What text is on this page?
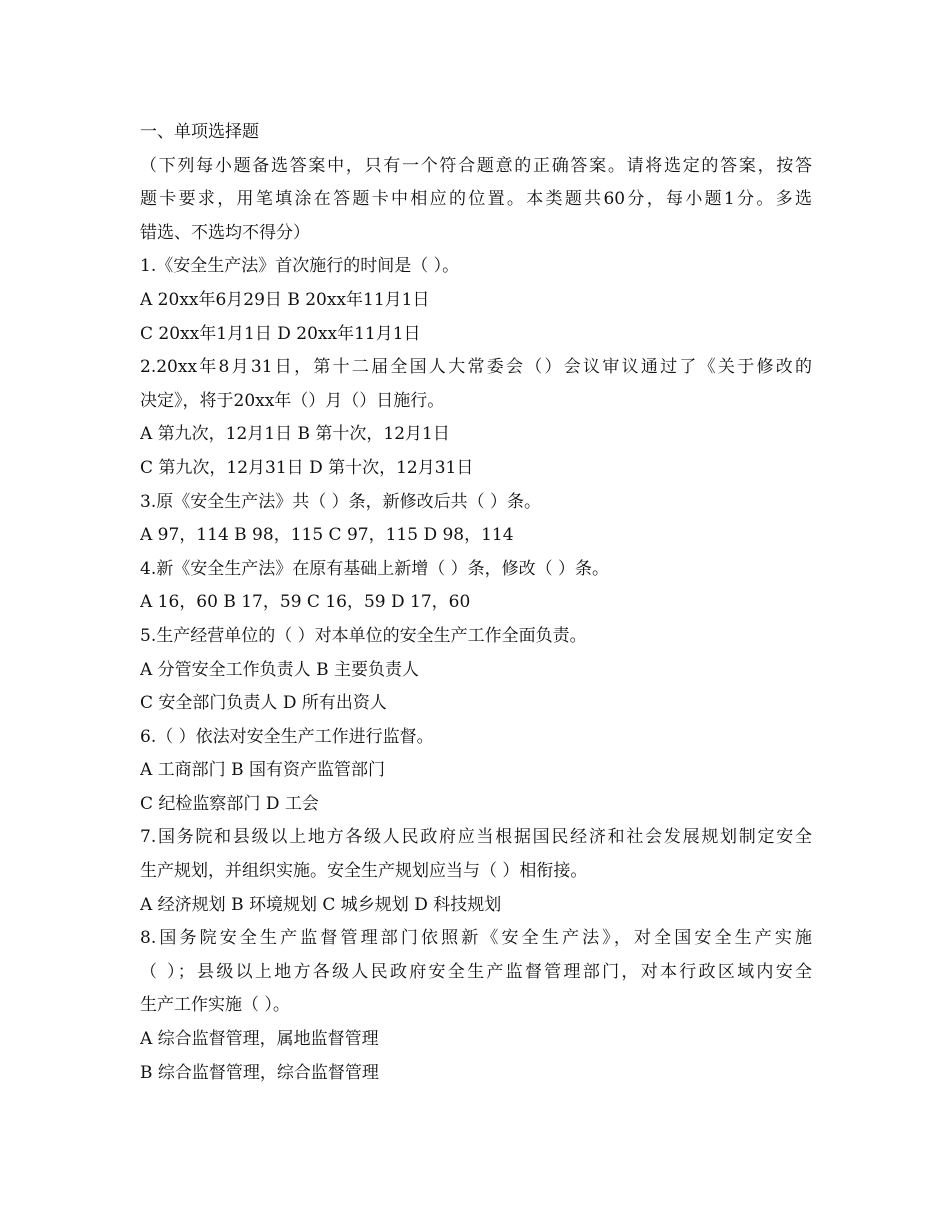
一、单项选择题
（下列每小题备选答案中，只有一个符合题意的正确答案。请将选定的答案，按答
题卡要求，用笔填涂在答题卡中相应的位置。本类题共60分，每小题1分。多选
错选、不选均不得分）
1.《安全生产法》首次施行的时间是（ ）。
A 20xx年6月29日 B 20xx年11月1日
C 20xx年1月1日 D 20xx年11月1日
2.20xx年8月31日，第十二届全国人大常委会（）会议审议通过了《关于修改的
决定》，将于20xx年（）月（）日施行。
A 第九次，12月1日 B 第十次，12月1日
C 第九次，12月31日 D 第十次，12月31日
3.原《安全生产法》共（ ）条，新修改后共（ ）条。
A 97，114 B 98，115 C 97，115 D 98，114
4.新《安全生产法》在原有基础上新增（ ）条，修改（ ）条。
A 16，60 B 17，59 C 16，59 D 17，60
5.生产经营单位的（ ）对本单位的安全生产工作全面负责。
A 分管安全工作负责人 B 主要负责人
C 安全部门负责人 D 所有出资人
6.（ ）依法对安全生产工作进行监督。
A 工商部门 B 国有资产监管部门
C 纪检监察部门 D 工会
7.国务院和县级以上地方各级人民政府应当根据国民经济和社会发展规划制定安全
生产规划，并组织实施。安全生产规划应当与（ ）相衔接。
A 经济规划 B 环境规划 C 城乡规划 D 科技规划
8.国务院安全生产监督管理部门依照新《安全生产法》，对全国安全生产实施
（ ）；县级以上地方各级人民政府安全生产监督管理部门，对本行政区域内安全
生产工作实施（ ）。
A 综合监督管理，属地监督管理
B 综合监督管理，综合监督管理
